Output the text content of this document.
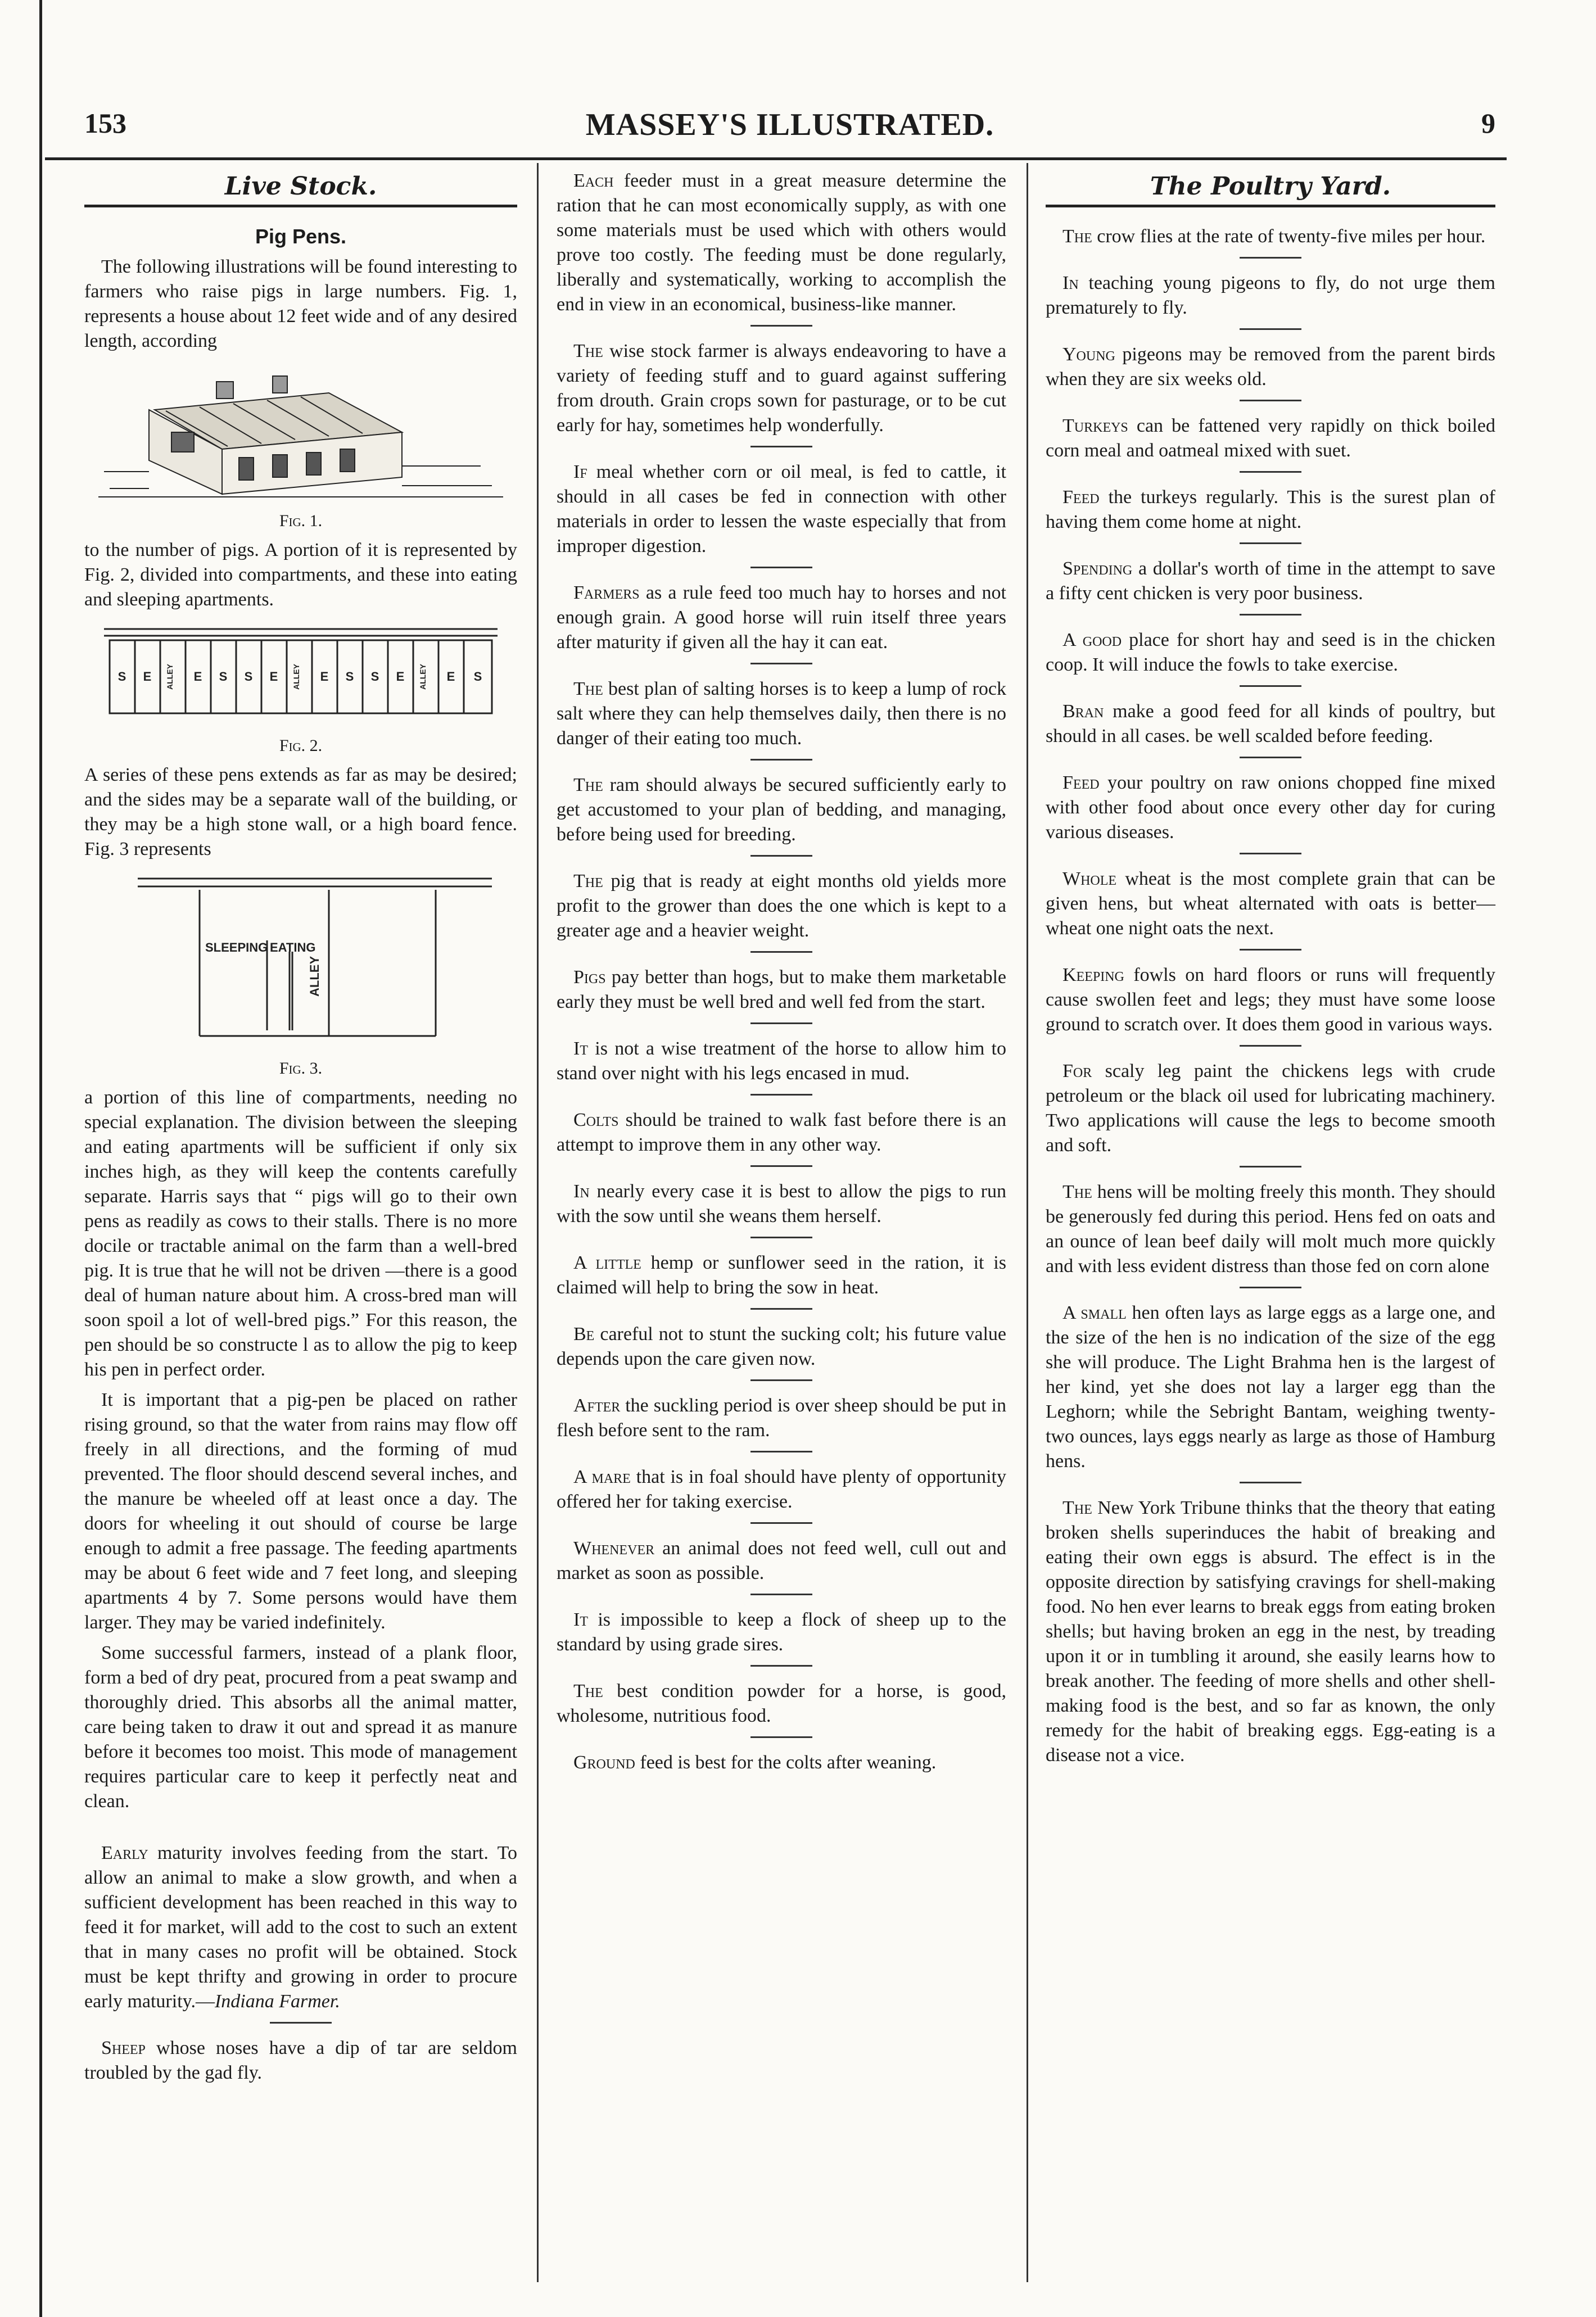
153	MASSEY'S ILLUSTRATED.	9
Live Stock.
Pig Pens.

The following illustrations will be found interesting to farmers who raise pigs in large numbers. Fig. 1, represents a house about 12 feet wide and of any desired length, according

Fig. 1.

to the number of pigs. A portion of it is represented by Fig. 2, divided into compartments, and these into eating and sleeping apartments.

S E ALLEY E S S E ALLEY E S S E ALLEY E S
Fig. 2.

A series of these pens extends as far as may be desired; and the sides may be a separate wall of the building, or they may be a high stone wall, or a high board fence. Fig. 3 represents

SLEEPING EATING
ALLEY
Fig. 3.

a portion of this line of compartments, needing no special explanation. The division between the sleeping and eating apartments will be sufficient if only six inches high, as they will keep the contents carefully separate. Harris says that “ pigs will go to their own pens as readily as cows to their stalls. There is no more docile or tractable animal on the farm than a well-bred pig. It is true that he will not be driven —there is a good deal of human nature about him. A cross-bred man will soon spoil a lot of well-bred pigs.” For this reason, the pen should be so constructe l as to allow the pig to keep his pen in perfect order.

It is important that a pig-pen be placed on rather rising ground, so that the water from rains may flow off freely in all directions, and the forming of mud prevented. The floor should descend several inches, and the manure be wheeled off at least once a day. The doors for wheeling it out should of course be large enough to admit a free passage. The feeding apartments may be about 6 feet wide and 7 feet long, and sleeping apartments 4 by 7. Some persons would have them larger. They may be varied indefinitely.

Some successful farmers, instead of a plank floor, form a bed of dry peat, procured from a peat swamp and thoroughly dried. This absorbs all the animal matter, care being taken to draw it out and spread it as manure before it becomes too moist. This mode of management requires particular care to keep it perfectly neat and clean.

Early maturity involves feeding from the start. To allow an animal to make a slow growth, and when a sufficient development has been reached in this way to feed it for market, will add to the cost to such an extent that in many cases no profit will be obtained. Stock must be kept thrifty and growing in order to procure early maturity.—Indiana Farmer.

Sheep whose noses have a dip of tar are seldom troubled by the gad fly.

Each feeder must in a great measure determine the ration that he can most economically supply, as with one some materials must be used which with others would prove too costly. The feeding must be done regularly, liberally and systematically, working to accomplish the end in view in an economical, business-like manner.

The wise stock farmer is always endeavoring to have a variety of feeding stuff and to guard against suffering from drouth. Grain crops sown for pasturage, or to be cut early for hay, sometimes help wonderfully.

If meal whether corn or oil meal, is fed to cattle, it should in all cases be fed in connection with other materials in order to lessen the waste especially that from improper digestion.

Farmers as a rule feed too much hay to horses and not enough grain. A good horse will ruin itself three years after maturity if given all the hay it can eat.

The best plan of salting horses is to keep a lump of rock salt where they can help themselves daily, then there is no danger of their eating too much.

The ram should always be secured sufficiently early to get accustomed to your plan of bedding, and managing, before being used for breeding.

The pig that is ready at eight months old yields more profit to the grower than does the one which is kept to a greater age and a heavier weight.

Pigs pay better than hogs, but to make them marketable early they must be well bred and well fed from the start.

It is not a wise treatment of the horse to allow him to stand over night with his legs encased in mud.

Colts should be trained to walk fast before there is an attempt to improve them in any other way.

In nearly every case it is best to allow the pigs to run with the sow until she weans them herself.

A little hemp or sunflower seed in the ration, it is claimed will help to bring the sow in heat.

Be careful not to stunt the sucking colt; his future value depends upon the care given now.

After the suckling period is over sheep should be put in flesh before sent to the ram.

A mare that is in foal should have plenty of opportunity offered her for taking exercise.

Whenever an animal does not feed well, cull out and market as soon as possible.

It is impossible to keep a flock of sheep up to the standard by using grade sires.

The best condition powder for a horse, is good, wholesome, nutritious food.

Ground feed is best for the colts after weaning.

The Poultry Yard.

The crow flies at the rate of twenty-five miles per hour.

In teaching young pigeons to fly, do not urge them prematurely to fly.

Young pigeons may be removed from the parent birds when they are six weeks old.

Turkeys can be fattened very rapidly on thick boiled corn meal and oatmeal mixed with suet.

Feed the turkeys regularly. This is the surest plan of having them come home at night.

Spending a dollar's worth of time in the attempt to save a fifty cent chicken is very poor business.

A good place for short hay and seed is in the chicken coop. It will induce the fowls to take exercise.

Bran make a good feed for all kinds of poultry, but should in all cases. be well scalded before feeding.

Feed your poultry on raw onions chopped fine mixed with other food about once every other day for curing various diseases.

Whole wheat is the most complete grain that can be given hens, but wheat alternated with oats is better—wheat one night oats the next.

Keeping fowls on hard floors or runs will frequently cause swollen feet and legs; they must have some loose ground to scratch over. It does them good in various ways.

For scaly leg paint the chickens legs with crude petroleum or the black oil used for lubricating machinery. Two applications will cause the legs to become smooth and soft.

The hens will be molting freely this month. They should be generously fed during this period. Hens fed on oats and an ounce of lean beef daily will molt much more quickly and with less evident distress than those fed on corn alone

A small hen often lays as large eggs as a large one, and the size of the hen is no indication of the size of the egg she will produce. The Light Brahma hen is the largest of her kind, yet she does not lay a larger egg than the Leghorn; while the Sebright Bantam, weighing twenty-two ounces, lays eggs nearly as large as those of Hamburg hens.

The New York Tribune thinks that the theory that eating broken shells superinduces the habit of breaking and eating their own eggs is absurd. The effect is in the opposite direction by satisfying cravings for shell-making food. No hen ever learns to break eggs from eating broken shells; but having broken an egg in the nest, by treading upon it or in tumbling it around, she easily learns how to break another. The feeding of more shells and other shell-making food is the best, and so far as known, the only remedy for the habit of breaking eggs. Egg-eating is a disease not a vice.
